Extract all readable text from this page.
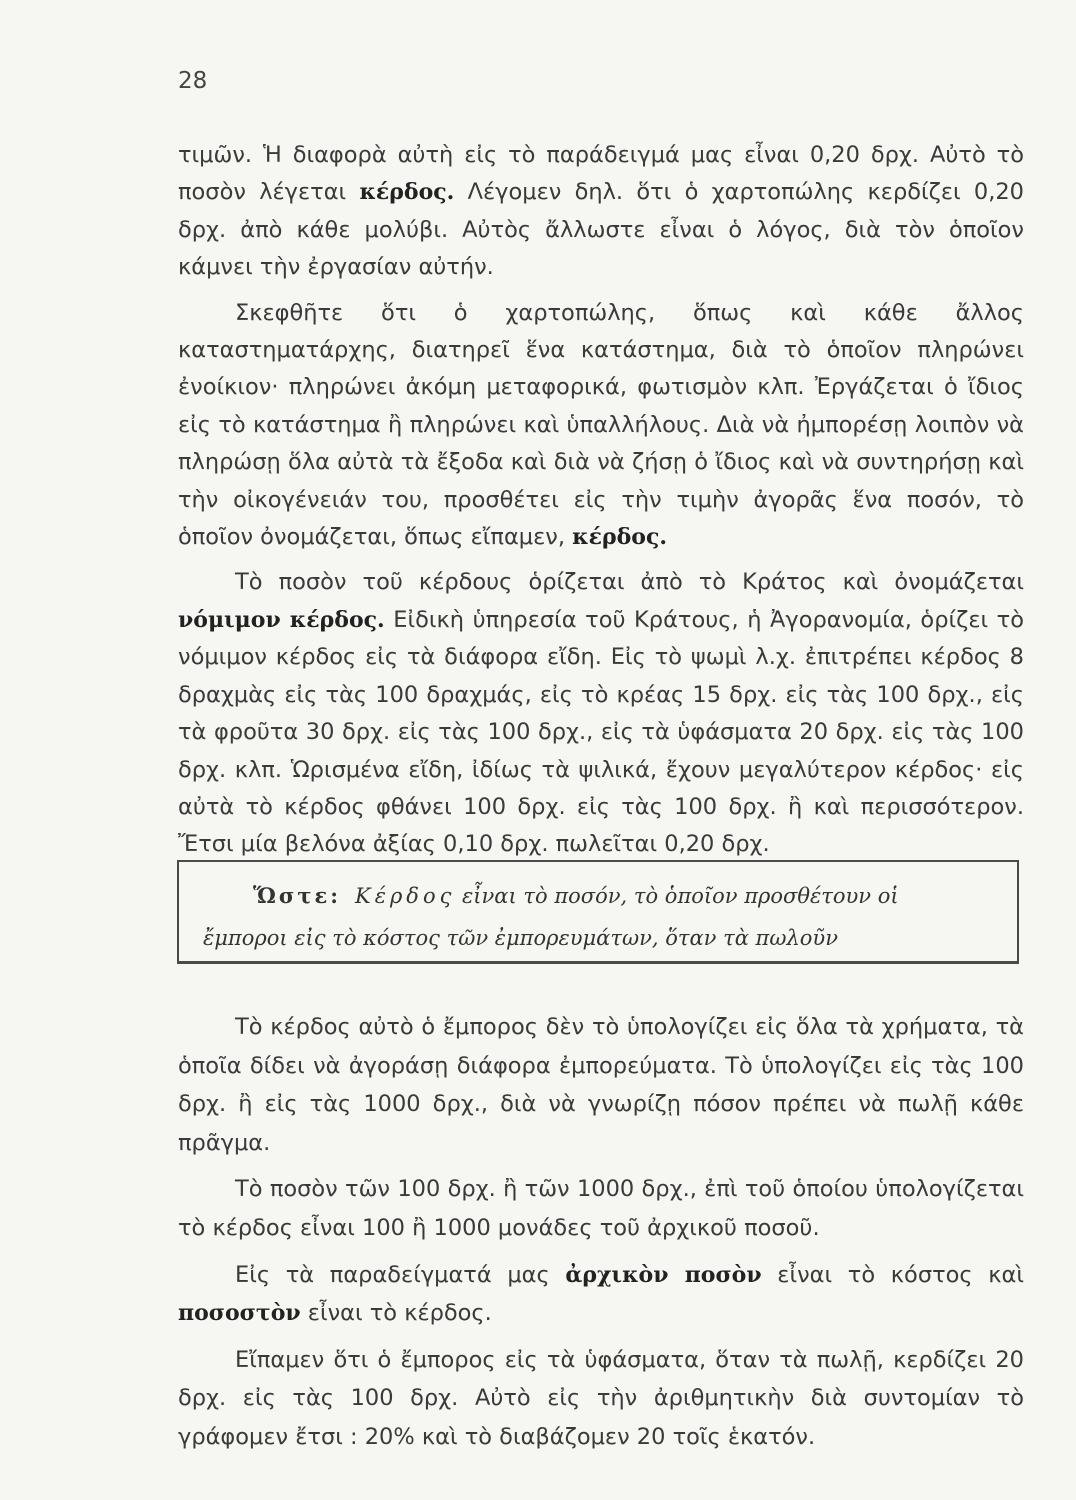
28

τιμῶν. Ἡ διαφορὰ αὐτὴ εἰς τὸ παράδειγμά μας εἶναι 0,20 δρχ. Αὐτὸ τὸ ποσὸν λέγεται κέρδος. Λέγομεν δηλ. ὅτι ὁ χαρτοπώλης κερδίζει 0,20 δρχ. ἀπὸ κάθε μολύβι. Αὐτὸς ἄλλωστε εἶναι ὁ λόγος, διὰ τὸν ὁποῖον κάμνει τὴν ἐργασίαν αὐτήν.

Σκεφθῆτε ὅτι ὁ χαρτοπώλης, ὅπως καὶ κάθε ἄλλος καταστηματάρχης, διατηρεῖ ἕνα κατάστημα, διὰ τὸ ὁποῖον πληρώνει ἐνοίκιον· πληρώνει ἀκόμη μεταφορικά, φωτισμὸν κλπ. Ἐργάζεται ὁ ἴδιος εἰς τὸ κατάστημα ἢ πληρώνει καὶ ὑπαλλήλους. Διὰ νὰ ἠμπορέσῃ λοιπὸν νὰ πληρώσῃ ὅλα αὐτὰ τὰ ἔξοδα καὶ διὰ νὰ ζήσῃ ὁ ἴδιος καὶ νὰ συντηρήσῃ καὶ τὴν οἰκογένειάν του, προσθέτει εἰς τὴν τιμὴν ἀγορᾶς ἕνα ποσόν, τὸ ὁποῖον ὀνομάζεται, ὅπως εἴπαμεν, κέρδος.

Τὸ ποσὸν τοῦ κέρδους ὁρίζεται ἀπὸ τὸ Κράτος καὶ ὀνομάζεται νόμιμον κέρδος. Εἰδικὴ ὑπηρεσία τοῦ Κράτους, ἡ Ἀγορανομία, ὁρίζει τὸ νόμιμον κέρδος εἰς τὰ διάφορα εἴδη. Εἰς τὸ ψωμὶ λ.χ. ἐπιτρέπει κέρδος 8 δραχμὰς εἰς τὰς 100 δραχμάς, εἰς τὸ κρέας 15 δρχ. εἰς τὰς 100 δρχ., εἰς τὰ φροῦτα 30 δρχ. εἰς τὰς 100 δρχ., εἰς τὰ ὑφάσματα 20 δρχ. εἰς τὰς 100 δρχ. κλπ. Ὡρισμένα εἴδη, ἰδίως τὰ ψιλικά, ἔχουν μεγαλύτερον κέρδος· εἰς αὐτὰ τὸ κέρδος φθάνει 100 δρχ. εἰς τὰς 100 δρχ. ἢ καὶ περισσότερον. Ἔτσι μία βελόνα ἀξίας 0,10 δρχ. πωλεῖται 0,20 δρχ.

Ὥστε: Κέρδος εἶναι τὸ ποσόν, τὸ ὁποῖον προσθέτουν οἱ
ἔμποροι εἰς τὸ κόστος τῶν ἐμπορευμάτων, ὅταν τὰ πωλοῦν

Τὸ κέρδος αὐτὸ ὁ ἔμπορος δὲν τὸ ὑπολογίζει εἰς ὅλα τὰ χρήματα, τὰ ὁποῖα δίδει νὰ ἀγοράσῃ διάφορα ἐμπορεύματα. Τὸ ὑπολογίζει εἰς τὰς 100 δρχ. ἢ εἰς τὰς 1000 δρχ., διὰ νὰ γνωρίζῃ πόσον πρέπει νὰ πωλῇ κάθε πρᾶγμα.

Τὸ ποσὸν τῶν 100 δρχ. ἢ τῶν 1000 δρχ., ἐπὶ τοῦ ὁποίου ὑπολογίζεται τὸ κέρδος εἶναι 100 ἢ 1000 μονάδες τοῦ ἀρχικοῦ ποσοῦ.

Εἰς τὰ παραδείγματά μας ἀρχικὸν ποσὸν εἶναι τὸ κόστος καὶ ποσοστὸν εἶναι τὸ κέρδος.

Εἴπαμεν ὅτι ὁ ἔμπορος εἰς τὰ ὑφάσματα, ὅταν τὰ πωλῇ, κερδίζει 20 δρχ. εἰς τὰς 100 δρχ. Αὐτὸ εἰς τὴν ἀριθμητικὴν διὰ συντομίαν τὸ γράφομεν ἔτσι : 20% καὶ τὸ διαβάζομεν 20 τοῖς ἑκατόν.
